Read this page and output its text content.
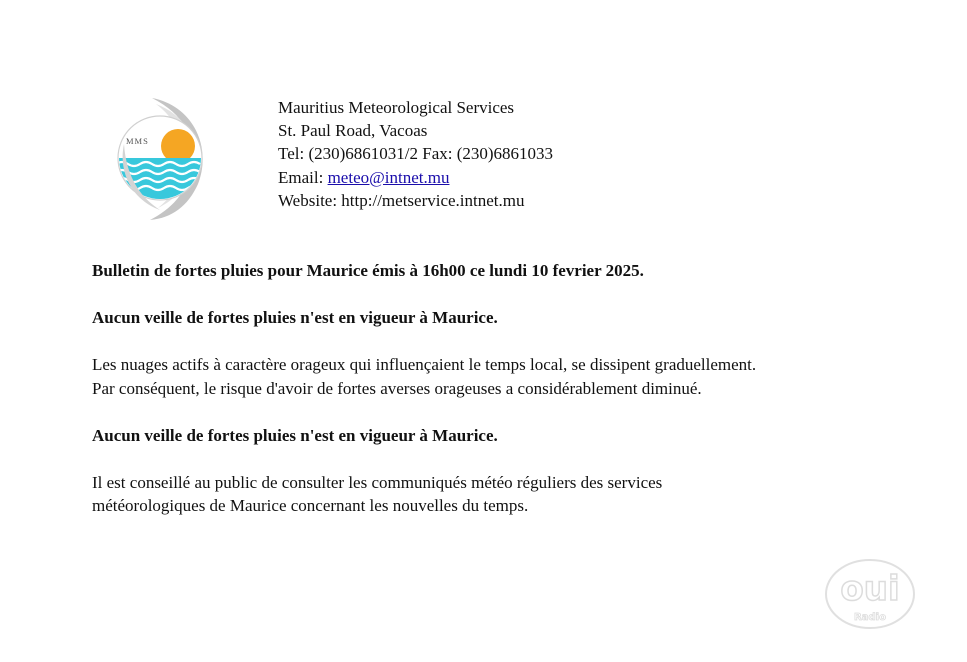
MMS
Mauritius Meteorological Services
St. Paul Road, Vacoas
Tel: (230)6861031/2 Fax: (230)6861033
Email: meteo@intnet.mu
Website: http://metservice.intnet.mu

Bulletin de fortes pluies pour Maurice émis à 16h00 ce lundi 10 fevrier 2025.

Aucun veille de fortes pluies n'est en vigueur à Maurice.

Les nuages actifs à caractère orageux qui influençaient le temps local, se dissipent graduellement.

Par conséquent, le risque d'avoir de fortes averses orageuses a considérablement diminué.

Aucun veille de fortes pluies n'est en vigueur à Maurice.

Il est conseillé au public de consulter les communiqués météo réguliers des services

météorologiques de Maurice concernant les nouvelles du temps.

oui
Radio
